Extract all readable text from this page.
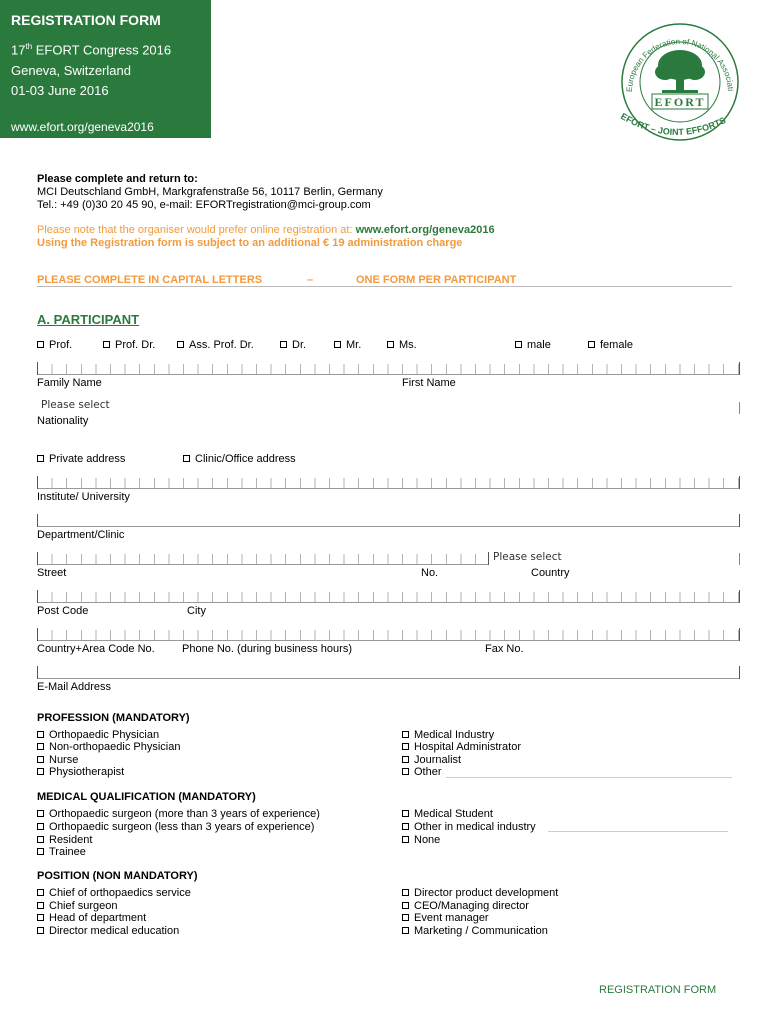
REGISTRATION FORM
17th EFORT Congress 2016
Geneva, Switzerland
01-03 June 2016
www.efort.org/geneva2016
European Federation of National Associati
EFORT
EFORT – JOINT EFFORTS
Please complete and return to:
MCI Deutschland GmbH, Markgrafenstraße 56, 10117 Berlin, Germany
Tel.: +49 (0)30 20 45 90, e-mail: EFORTregistration@mci-group.com
Please note that the organiser would prefer online registration at: www.efort.org/geneva2016
Using the Registration form is subject to an additional € 19 administration charge
PLEASE COMPLETE IN CAPITAL LETTERS	–	ONE FORM PER PARTICIPANT
A. PARTICIPANT
Prof.	Prof. Dr.	Ass. Prof. Dr.	Dr.	Mr.	Ms.	male	female
Family Name	First Name
Please select
Nationality
Private address	Clinic/Office address
Institute/ University
Department/Clinic
Please select
Street	No.	Country
Post Code	City
Country+Area Code No. Phone No. (during business hours)	Fax No.
E-Mail Address
PROFESSION (MANDATORY)
Orthopaedic Physician
Non-orthopaedic Physician
Nurse
Physiotherapist
Medical Industry
Hospital Administrator
Journalist
Other
MEDICAL QUALIFICATION (MANDATORY)
Orthopaedic surgeon (more than 3 years of experience)
Orthopaedic surgeon (less than 3 years of experience)
Resident
Trainee
Medical Student
Other in medical industry
None
POSITION (NON MANDATORY)
Chief of orthopaedics service
Chief surgeon
Head of department
Director medical education
Director product development
CEO/Managing director
Event manager
Marketing / Communication
REGISTRATION FORM
